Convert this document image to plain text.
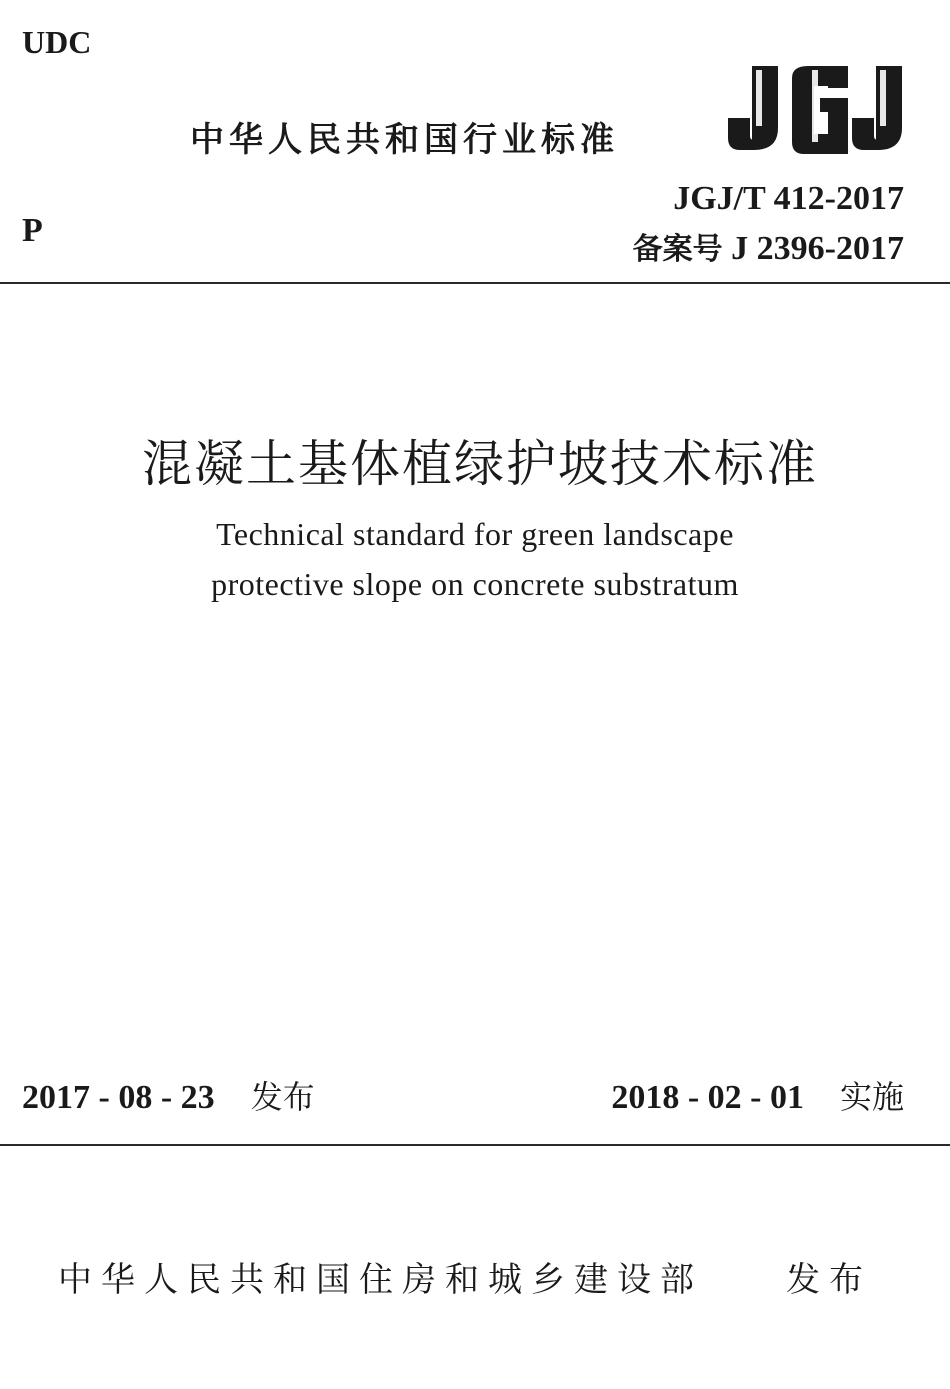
UDC
中华人民共和国行业标准
P
JGJ/T 412-2017
备案号 J 2396-2017
混凝土基体植绿护坡技术标准
Technical standard for green landscape
protective slope on concrete substratum
2017 - 08 - 23 发布	2018 - 02 - 01 实施
中华人民共和国住房和城乡建设部 发布
